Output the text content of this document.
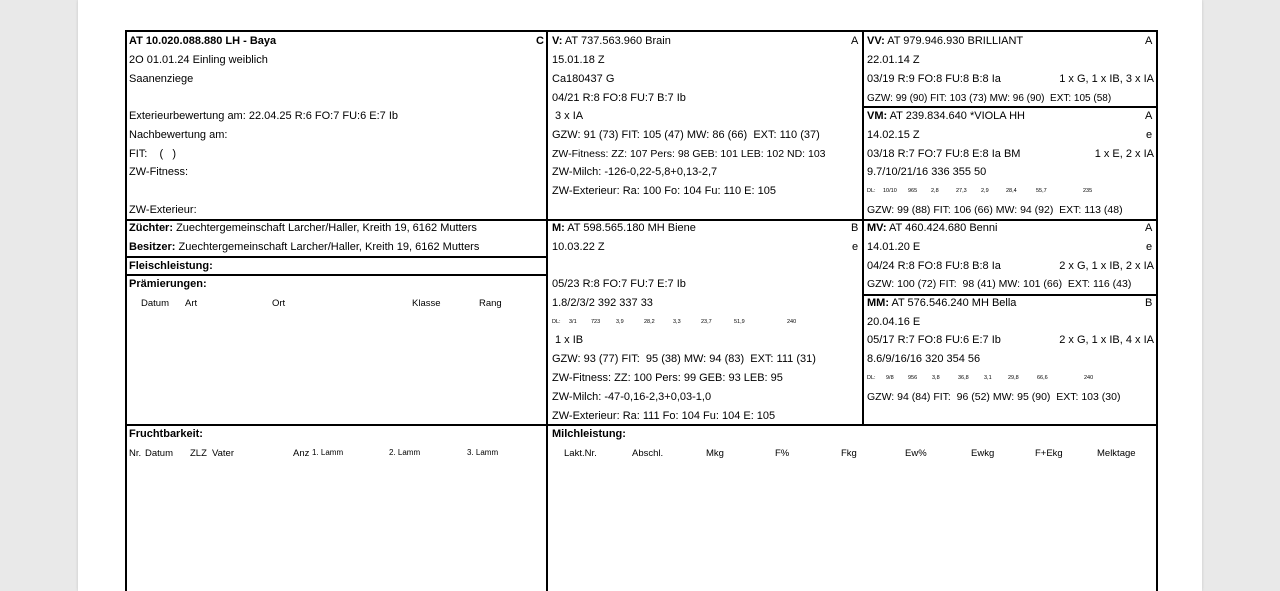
AT 10.020.088.880 LH - Baya	C
2O 01.01.24 Einling weiblich
Saanenziege
Exterieurbewertung am: 22.04.25 R:6 FO:7 FU:6 E:7 Ib
Nachbewertung am:
FIT:    (   )
ZW-Fitness:
ZW-Exterieur:
Züchter: Zuechtergemeinschaft Larcher/Haller, Kreith 19, 6162 Mutters
Besitzer: Zuechtergemeinschaft Larcher/Haller, Kreith 19, 6162 Mutters
Fleischleistung:
Prämierungen:
Datum Art	Ort	Klasse	Rang
V: AT 737.563.960 Brain	A
15.01.18 Z
Ca180437 G
04/21 R:8 FO:8 FU:7 B:7 Ib
3 x IA
GZW: 91 (73) FIT: 105 (47) MW: 86 (66)  EXT: 110 (37)
ZW-Fitness: ZZ: 107 Pers: 98 GEB: 101 LEB: 102 ND: 103
ZW-Milch: -126-0,22-5,8+0,13-2,7
ZW-Exterieur: Ra: 100 Fo: 104 Fu: 110 E: 105
M: AT 598.565.180 MH Biene	B
10.03.22 Z	e
05/23 R:8 FO:7 FU:7 E:7 Ib
1.8/2/3/2 392 337 33
DL: 3/1	723	3,9	28,2	3,3	23,7	51,9	240
1 x IB
GZW: 93 (77) FIT:  95 (38) MW: 94 (83)  EXT: 111 (31)
ZW-Fitness: ZZ: 100 Pers: 99 GEB: 93 LEB: 95
ZW-Milch: -47-0,16-2,3+0,03-1,0
ZW-Exterieur: Ra: 111 Fo: 104 Fu: 104 E: 105
VV: AT 979.946.930 BRILLIANT	A
22.01.14 Z
03/19 R:9 FO:8 FU:8 B:8 Ia	1 x G, 1 x IB, 3 x IA
GZW: 99 (90) FIT: 103 (73) MW: 96 (90)  EXT: 105 (58)
VM: AT 239.834.640 *VIOLA HH	A
14.02.15 Z	e
03/18 R:7 FO:7 FU:8 E:8 Ia BM	1 x E, 2 x IA
9.7/10/21/16 336 355 50
DL: 10/10 965	2,8	27,3	2,9	28,4	55,7	235
GZW: 99 (88) FIT: 106 (66) MW: 94 (92)  EXT: 113 (48)
MV: AT 460.424.680 Benni	A
14.01.20 E	e
04/24 R:8 FO:8 FU:8 B:8 Ia	2 x G, 1 x IB, 2 x IA
GZW: 100 (72) FIT:  98 (41) MW: 101 (66)  EXT: 116 (43)
MM: AT 576.546.240 MH Bella	B
20.04.16 E
05/17 R:7 FO:8 FU:6 E:7 Ib	2 x G, 1 x IB, 4 x IA
8.6/9/16/16 320 354 56
DL: 9/8	956	3,8	36,8	3,1	29,8	66,6	240
GZW: 94 (84) FIT:  96 (52) MW: 95 (90)  EXT: 103 (30)
Fruchtbarkeit:
Nr. Datum ZLZ Vater	Anz 1. Lamm	2. Lamm	3. Lamm
Milchleistung:
Lakt.Nr.	Abschl.	Mkg	F%	Fkg	Ew%	Ewkg	F+Ekg	Melktage
